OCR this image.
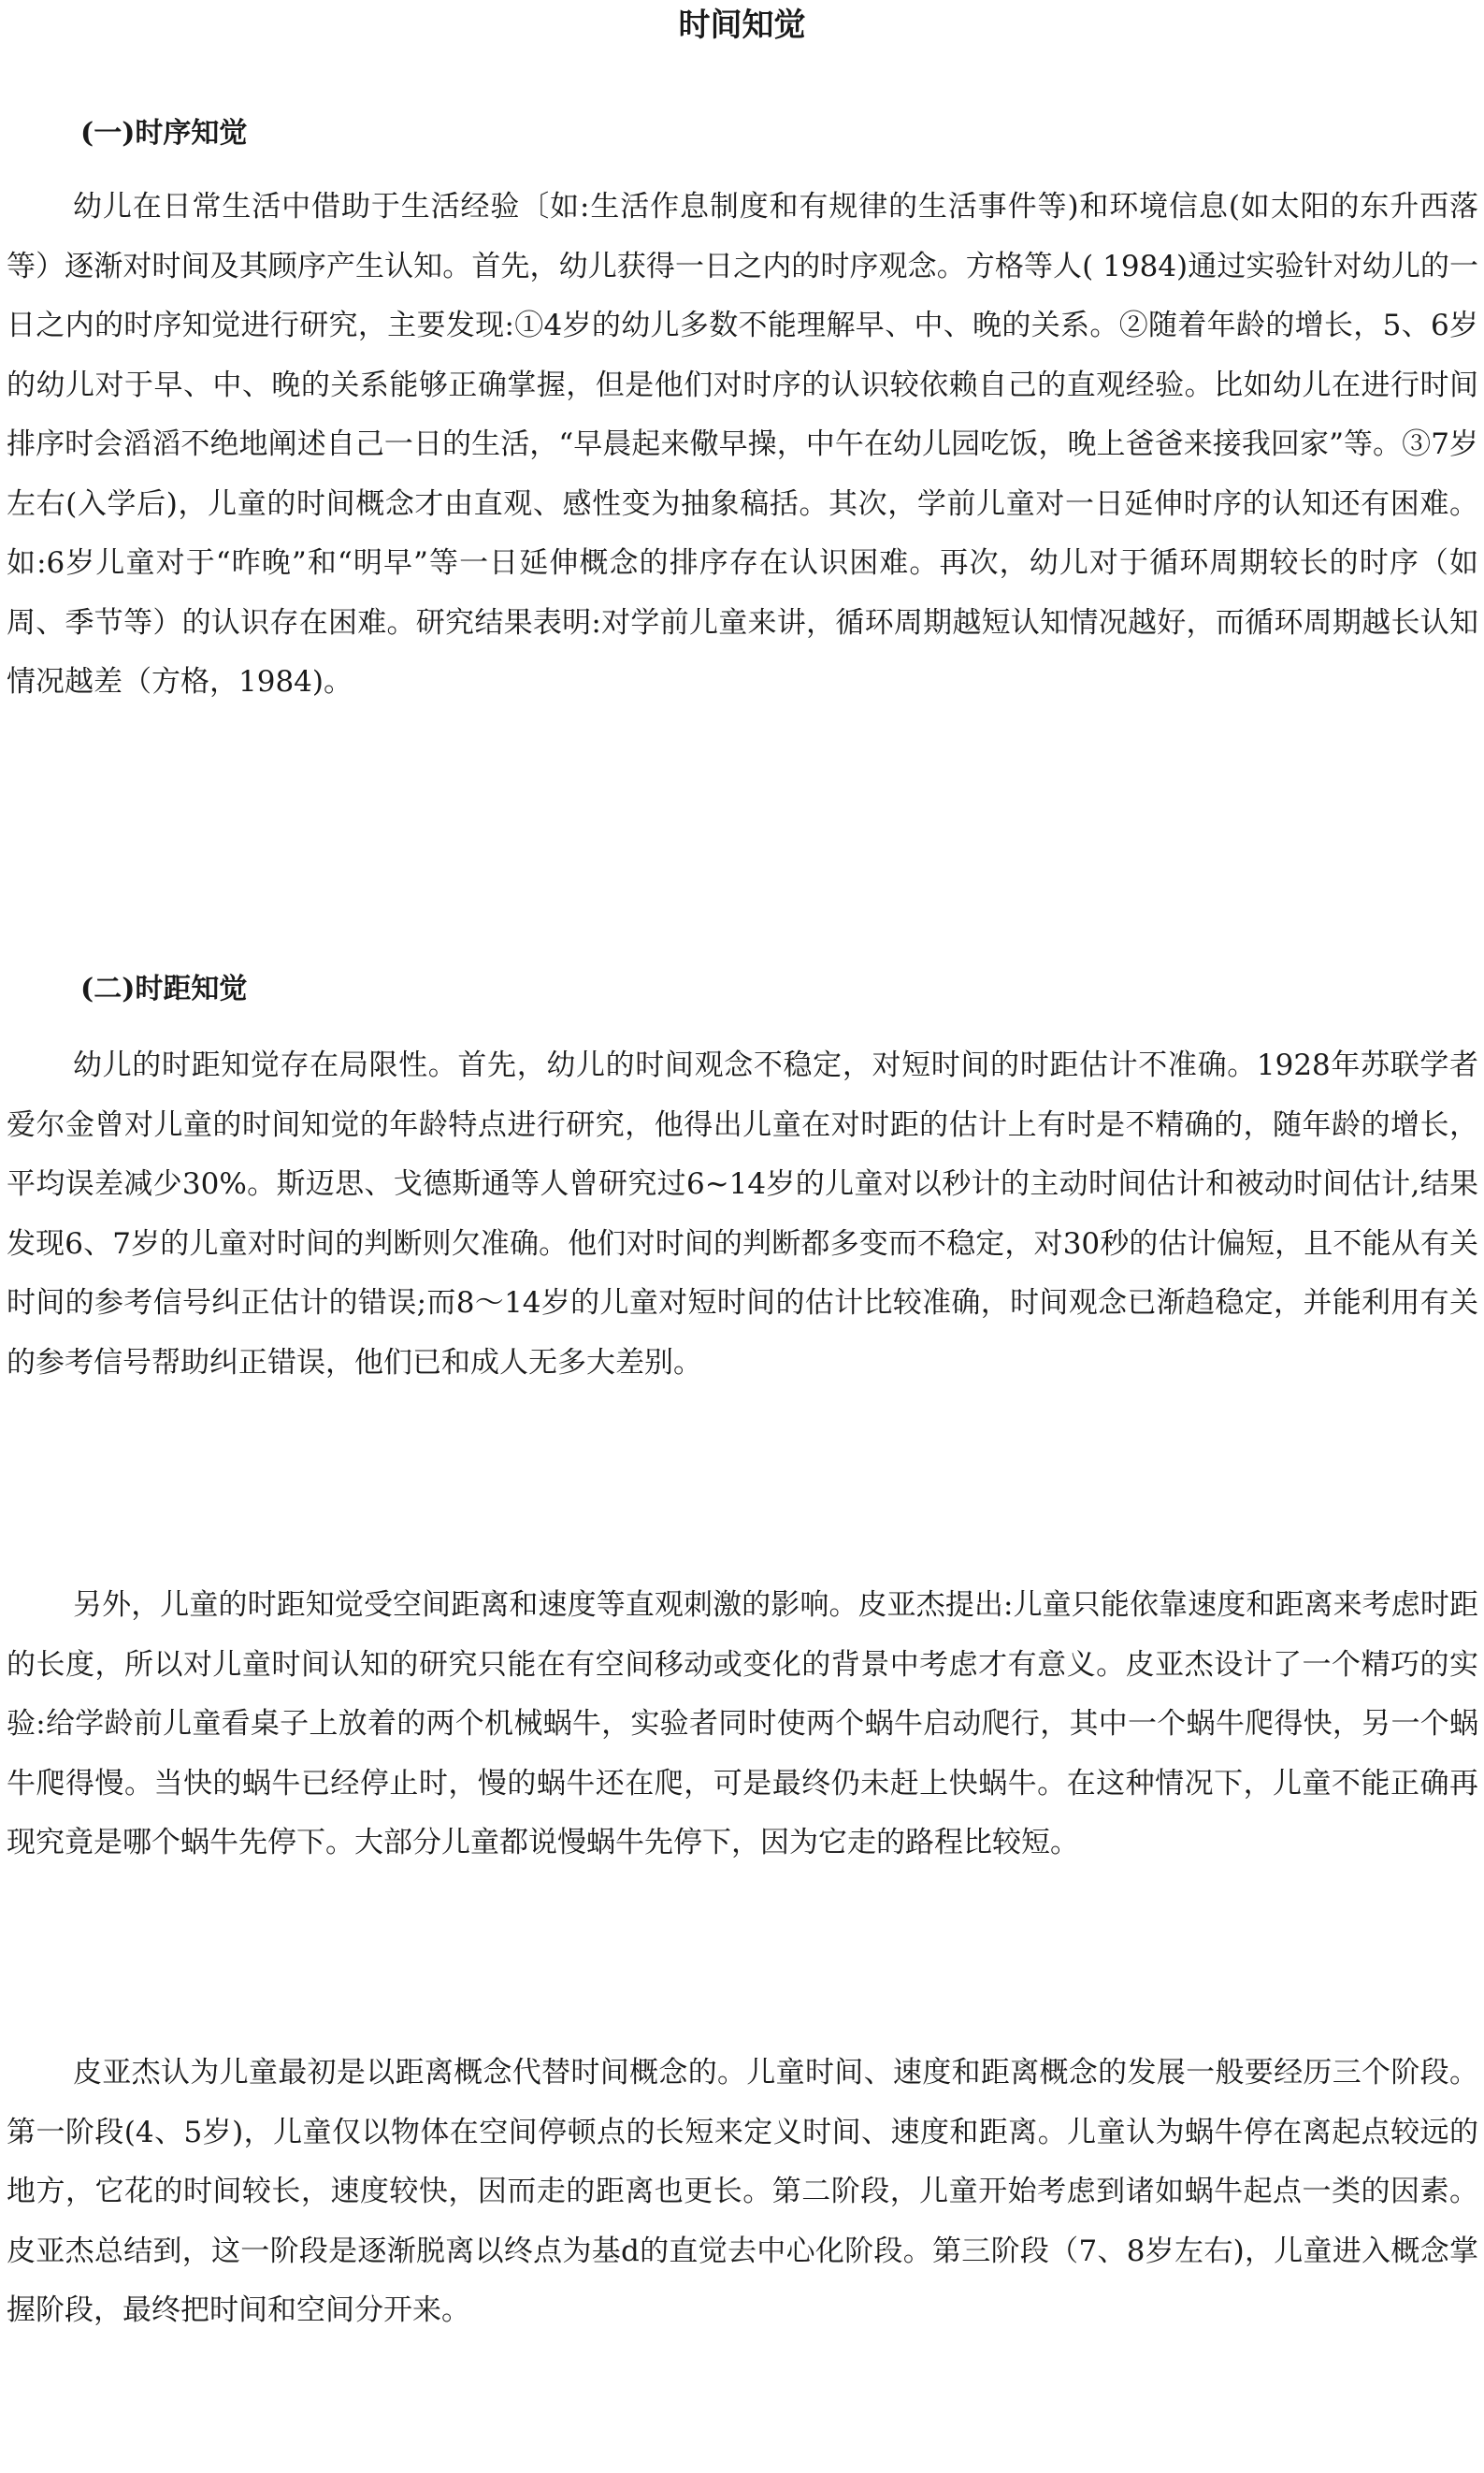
时间知觉
(一)时序知觉

幼儿在日常生活中借助于生活经验〔如:生活作息制度和有规律的生活事件等)和环境信息(如太阳的东升西落等）逐渐对时间及其顾序产生认知。首先，幼儿获得一日之内的时序观念。方格等人( 1984)通过实验针对幼儿的一日之内的时序知觉进行研究，主要发现:①4岁的幼儿多数不能理解早、中、晚的关系。②随着年龄的增长，5、6岁的幼儿对于早、中、晚的关系能够正确掌握，但是他们对时序的认识较依赖自己的直观经验。比如幼儿在进行时间排序时会滔滔不绝地阐述自己一日的生活，“早晨起来儆早操，中午在幼儿园吃饭，晚上爸爸来接我回家”等。③7岁左右(入学后)，儿童的时间概念才由直观、感性变为抽象稿括。其次，学前儿童对一日延伸时序的认知还有困难。如:6岁儿童对于“昨晚”和“明早”等一日延伸概念的排序存在认识困难。再次，幼儿对于循环周期较长的时序（如周、季节等）的认识存在困难。研究结果表明:对学前儿童来讲，循环周期越短认知情况越好，而循环周期越长认知情况越差（方格，1984)。

(二)时距知觉

幼儿的时距知觉存在局限性。首先，幼儿的时间观念不稳定，对短时间的时距估计不准确。1928年苏联学者爱尔金曾对儿童的时间知觉的年龄特点进行研究，他得出儿童在对时距的估计上有时是不精确的，随年龄的增长，平均误差减少30%。斯迈思、戈德斯通等人曾研究过6~14岁的儿童对以秒计的主动时间估计和被动时间估计,结果发现6、7岁的儿童对时间的判断则欠准确。他们对时间的判断都多变而不稳定，对30秒的估计偏短，且不能从有关时间的参考信号纠正估计的错误;而8～14岁的儿童对短时间的估计比较准确，时间观念已渐趋稳定，并能利用有关的参考信号帮助纠正错误，他们已和成人无多大差别。

另外，儿童的时距知觉受空间距离和速度等直观刺激的影响。皮亚杰提出:儿童只能依靠速度和距离来考虑时距的长度，所以对儿童时间认知的研究只能在有空间移动或变化的背景中考虑才有意义。皮亚杰设计了一个精巧的实验:给学龄前儿童看桌子上放着的两个机械蜗牛，实验者同时使两个蜗牛启动爬行，其中一个蜗牛爬得快，另一个蜗牛爬得慢。当快的蜗牛已经停止时，慢的蜗牛还在爬，可是最终仍未赶上快蜗牛。在这种情况下，儿童不能正确再现究竟是哪个蜗牛先停下。大部分儿童都说慢蜗牛先停下，因为它走的路程比较短。

皮亚杰认为儿童最初是以距离概念代替时间概念的。儿童时间、速度和距离概念的发展一般要经历三个阶段。第一阶段(4、5岁)，儿童仅以物体在空间停顿点的长短来定义时间、速度和距离。儿童认为蜗牛停在离起点较远的地方，它花的时间较长，速度较快，因而走的距离也更长。第二阶段，儿童开始考虑到诸如蜗牛起点一类的因素。皮亚杰总结到，这一阶段是逐渐脱离以终点为基d的直觉去中心化阶段。第三阶段（7、8岁左右)，儿童进入概念掌握阶段，最终把时间和空间分开来。
